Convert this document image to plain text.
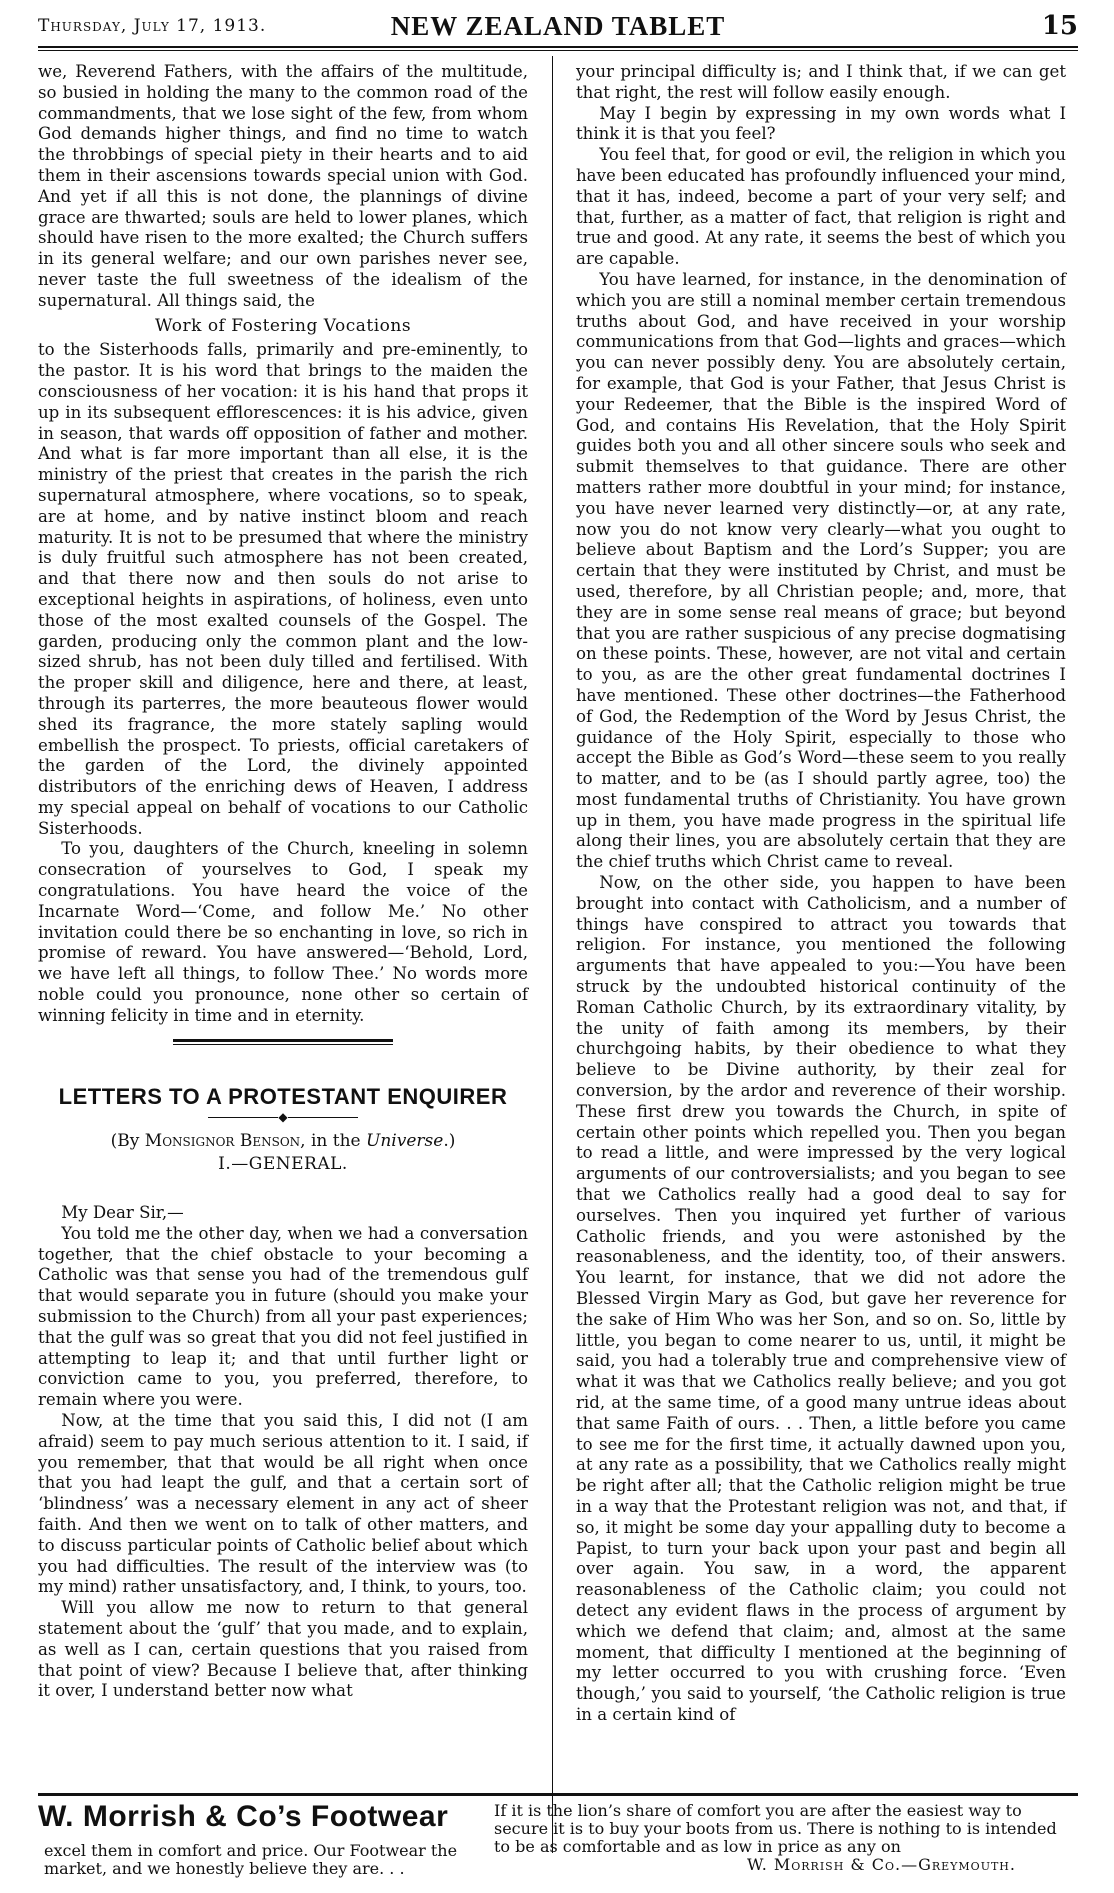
Thursday, July 17, 1913.	NEW ZEALAND TABLET	15

we, Reverend Fathers, with the affairs of the multitude, so busied in holding the many to the common road of the commandments, that we lose sight of the few, from whom God demands higher things, and find no time to watch the throbbings of special piety in their hearts and to aid them in their ascensions towards special union with God. And yet if all this is not done, the plannings of divine grace are thwarted; souls are held to lower planes, which should have risen to the more exalted; the Church suffers in its general welfare; and our own parishes never see, never taste the full sweetness of the idealism of the supernatural. All things said, the

Work of Fostering Vocations

to the Sisterhoods falls, primarily and pre-eminently, to the pastor. It is his word that brings to the maiden the consciousness of her vocation: it is his hand that props it up in its subsequent efflorescences: it is his advice, given in season, that wards off opposition of father and mother. And what is far more important than all else, it is the ministry of the priest that creates in the parish the rich supernatural atmosphere, where vocations, so to speak, are at home, and by native instinct bloom and reach maturity. It is not to be presumed that where the ministry is duly fruitful such atmosphere has not been created, and that there now and then souls do not arise to exceptional heights in aspirations, of holiness, even unto those of the most exalted counsels of the Gospel. The garden, producing only the common plant and the low-sized shrub, has not been duly tilled and fertilised. With the proper skill and diligence, here and there, at least, through its parterres, the more beauteous flower would shed its fragrance, the more stately sapling would embellish the prospect. To priests, official caretakers of the garden of the Lord, the divinely appointed distributors of the enriching dews of Heaven, I address my special appeal on behalf of vocations to our Catholic Sisterhoods.

To you, daughters of the Church, kneeling in solemn consecration of yourselves to God, I speak my congratulations. You have heard the voice of the Incarnate Word—‘Come, and follow Me.’ No other invitation could there be so enchanting in love, so rich in promise of reward. You have answered—‘Behold, Lord, we have left all things, to follow Thee.’ No words more noble could you pronounce, none other so certain of winning felicity in time and in eternity.

LETTERS TO A PROTESTANT ENQUIRER
◆
(By Monsignor Benson, in the Universe.)
I.—GENERAL.

My Dear Sir,—

You told me the other day, when we had a conversation together, that the chief obstacle to your becoming a Catholic was that sense you had of the tremendous gulf that would separate you in future (should you make your submission to the Church) from all your past experiences; that the gulf was so great that you did not feel justified in attempting to leap it; and that until further light or conviction came to you, you preferred, therefore, to remain where you were.

Now, at the time that you said this, I did not (I am afraid) seem to pay much serious attention to it. I said, if you remember, that that would be all right when once that you had leapt the gulf, and that a certain sort of ‘blindness’ was a necessary element in any act of sheer faith. And then we went on to talk of other matters, and to discuss particular points of Catholic belief about which you had difficulties. The result of the interview was (to my mind) rather unsatisfactory, and, I think, to yours, too.

Will you allow me now to return to that general statement about the ‘gulf’ that you made, and to explain, as well as I can, certain questions that you raised from that point of view? Because I believe that, after thinking it over, I understand better now what

your principal difficulty is; and I think that, if we can get that right, the rest will follow easily enough.

May I begin by expressing in my own words what I think it is that you feel?

You feel that, for good or evil, the religion in which you have been educated has profoundly influenced your mind, that it has, indeed, become a part of your very self; and that, further, as a matter of fact, that religion is right and true and good. At any rate, it seems the best of which you are capable.

You have learned, for instance, in the denomination of which you are still a nominal member certain tremendous truths about God, and have received in your worship communications from that God—lights and graces—which you can never possibly deny. You are absolutely certain, for example, that God is your Father, that Jesus Christ is your Redeemer, that the Bible is the inspired Word of God, and contains His Revelation, that the Holy Spirit guides both you and all other sincere souls who seek and submit themselves to that guidance. There are other matters rather more doubtful in your mind; for instance, you have never learned very distinctly—or, at any rate, now you do not know very clearly—what you ought to believe about Baptism and the Lord’s Supper; you are certain that they were instituted by Christ, and must be used, therefore, by all Christian people; and, more, that they are in some sense real means of grace; but beyond that you are rather suspicious of any precise dogmatising on these points. These, however, are not vital and certain to you, as are the other great fundamental doctrines I have mentioned. These other doctrines—the Fatherhood of God, the Redemption of the Word by Jesus Christ, the guidance of the Holy Spirit, especially to those who accept the Bible as God’s Word—these seem to you really to matter, and to be (as I should partly agree, too) the most fundamental truths of Christianity. You have grown up in them, you have made progress in the spiritual life along their lines, you are absolutely certain that they are the chief truths which Christ came to reveal.

Now, on the other side, you happen to have been brought into contact with Catholicism, and a number of things have conspired to attract you towards that religion. For instance, you mentioned the following arguments that have appealed to you:—You have been struck by the undoubted historical continuity of the Roman Catholic Church, by its extraordinary vitality, by the unity of faith among its members, by their churchgoing habits, by their obedience to what they believe to be Divine authority, by their zeal for conversion, by the ardor and reverence of their worship. These first drew you towards the Church, in spite of certain other points which repelled you. Then you began to read a little, and were impressed by the very logical arguments of our controversialists; and you began to see that we Catholics really had a good deal to say for ourselves. Then you inquired yet further of various Catholic friends, and you were astonished by the reasonableness, and the identity, too, of their answers. You learnt, for instance, that we did not adore the Blessed Virgin Mary as God, but gave her reverence for the sake of Him Who was her Son, and so on. So, little by little, you began to come nearer to us, until, it might be said, you had a tolerably true and comprehensive view of what it was that we Catholics really believe; and you got rid, at the same time, of a good many untrue ideas about that same Faith of ours. . . Then, a little before you came to see me for the first time, it actually dawned upon you, at any rate as a possibility, that we Catholics really might be right after all; that the Catholic religion might be true in a way that the Protestant religion was not, and that, if so, it might be some day your appalling duty to become a Papist, to turn your back upon your past and begin all over again. You saw, in a word, the apparent reasonableness of the Catholic claim; you could not detect any evident flaws in the process of argument by which we defend that claim; and, almost at the same moment, that difficulty I mentioned at the beginning of my letter occurred to you with crushing force. ‘Even though,’ you said to yourself, ‘the Catholic religion is true in a certain kind of

W. Morrish & Co’s Footwear
excel them in comfort and price. Our Footwear the market, and we honestly believe they are. . .
If it is the lion’s share of comfort you are after the easiest way to secure it is to buy your boots from us. There is nothing to is intended to be as comfortable and as low in price as any on
W. Morrish & Co.—Greymouth.
